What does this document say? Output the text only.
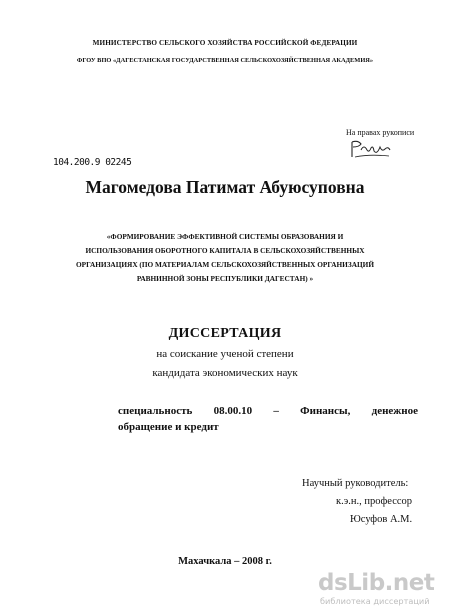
МИНИСТЕРСТВО СЕЛЬСКОГО ХОЗЯЙСТВА РОССИЙСКОЙ ФЕДЕРАЦИИ
ФГОУ ВПО «ДАГЕСТАНСКАЯ ГОСУДАРСТВЕННАЯ СЕЛЬСКОХОЗЯЙСТВЕННАЯ АКАДЕМИЯ»
На правах рукописи
104.200.9 02245
Магомедова Патимат Абуюсуповна
«ФОРМИРОВАНИЕ ЭФФЕКТИВНОЙ СИСТЕМЫ ОБРАЗОВАНИЯ И
ИСПОЛЬЗОВАНИЯ ОБОРОТНОГО КАПИТАЛА В СЕЛЬСКОХОЗЯЙСТВЕННЫХ
ОРГАНИЗАЦИЯХ (ПО МАТЕРИАЛАМ СЕЛЬСКОХОЗЯЙСТВЕННЫХ ОРГАНИЗАЦИЙ
РАВНИННОЙ ЗОНЫ РЕСПУБЛИКИ ДАГЕСТАН) »
ДИССЕРТАЦИЯ
на соискание ученой степени
кандидата экономических наук
специальность 08.00.10 – Финансы, денежное
обращение и кредит
Научный руководитель:
к.э.н., профессор
Юсуфов А.М.
Махачкала – 2008 г.
dsLib.net
библиотека диссертаций
